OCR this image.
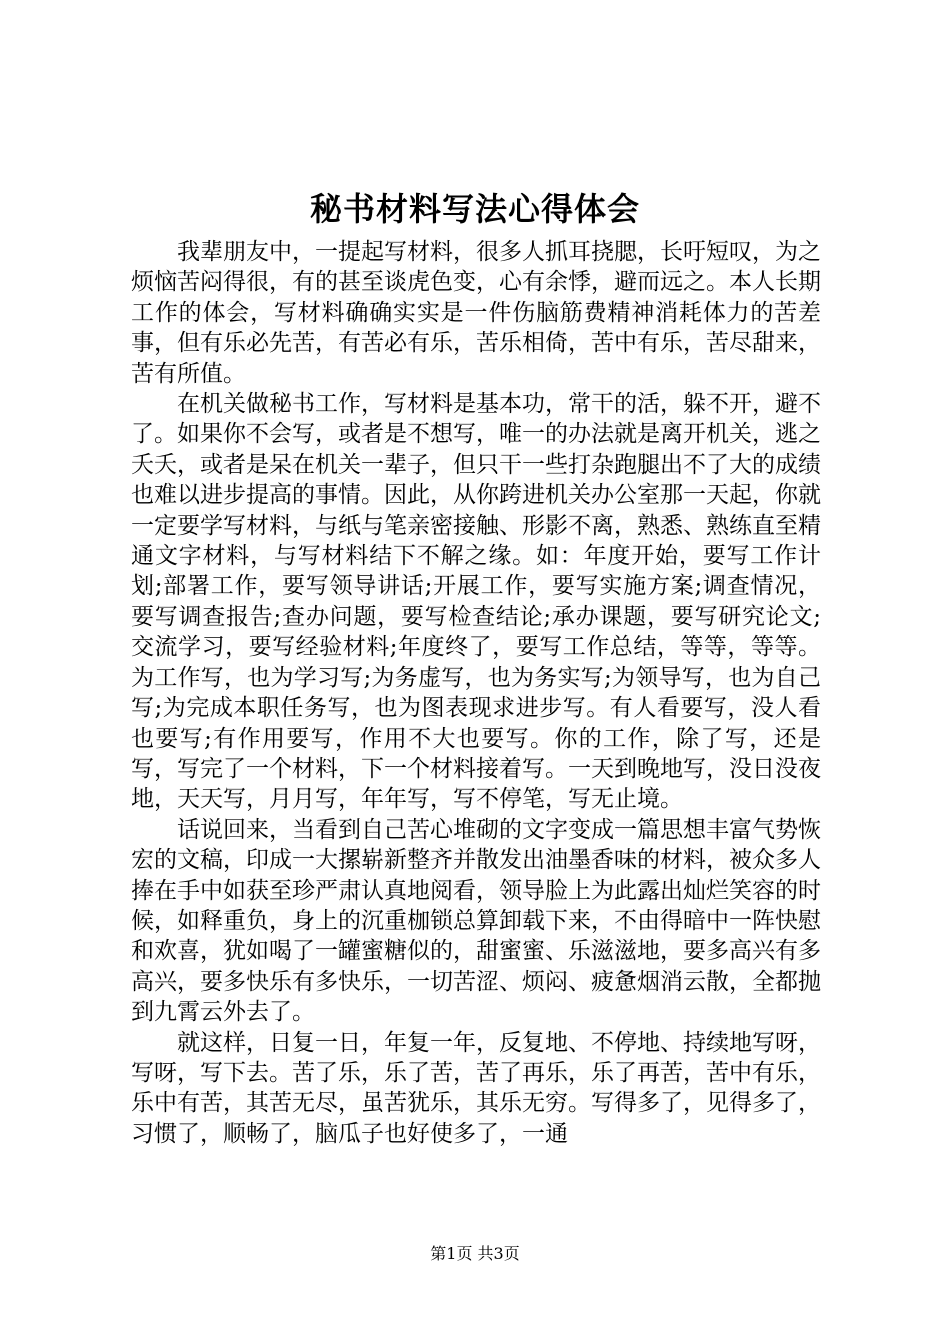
秘书材料写法心得体会

我辈朋友中，一提起写材料，很多人抓耳挠腮，长吁短叹，为之烦恼苦闷得很，有的甚至谈虎色变，心有余悸，避而远之。本人长期工作的体会，写材料确确实实是一件伤脑筋费精神消耗体力的苦差事，但有乐必先苦，有苦必有乐，苦乐相倚，苦中有乐，苦尽甜来，苦有所值。

在机关做秘书工作，写材料是基本功，常干的活，躲不开，避不了。如果你不会写，或者是不想写，唯一的办法就是离开机关，逃之夭夭，或者是呆在机关一辈子，但只干一些打杂跑腿出不了大的成绩也难以进步提高的事情。因此，从你跨进机关办公室那一天起，你就一定要学写材料，与纸与笔亲密接触、形影不离，熟悉、熟练直至精通文字材料，与写材料结下不解之缘。如：年度开始，要写工作计划;部署工作，要写领导讲话;开展工作，要写实施方案;调查情况，要写调查报告;查办问题，要写检查结论;承办课题，要写研究论文;交流学习，要写经验材料;年度终了，要写工作总结，等等，等等。为工作写，也为学习写;为务虚写，也为务实写;为领导写，也为自己写;为完成本职任务写，也为图表现求进步写。有人看要写，没人看也要写;有作用要写，作用不大也要写。你的工作，除了写，还是写，写完了一个材料，下一个材料接着写。一天到晚地写，没日没夜地，天天写，月月写，年年写，写不停笔，写无止境。

话说回来，当看到自己苦心堆砌的文字变成一篇思想丰富气势恢宏的文稿，印成一大摞崭新整齐并散发出油墨香味的材料，被众多人捧在手中如获至珍严肃认真地阅看，领导脸上为此露出灿烂笑容的时候，如释重负，身上的沉重枷锁总算卸载下来，不由得暗中一阵快慰和欢喜，犹如喝了一罐蜜糖似的，甜蜜蜜、乐滋滋地，要多高兴有多高兴，要多快乐有多快乐，一切苦涩、烦闷、疲惫烟消云散，全都抛到九霄云外去了。

就这样，日复一日，年复一年，反复地、不停地、持续地写呀，写呀，写下去。苦了乐，乐了苦，苦了再乐，乐了再苦，苦中有乐，乐中有苦，其苦无尽，虽苦犹乐，其乐无穷。写得多了，见得多了，习惯了，顺畅了，脑瓜子也好使多了，一通

第1页 共3页
